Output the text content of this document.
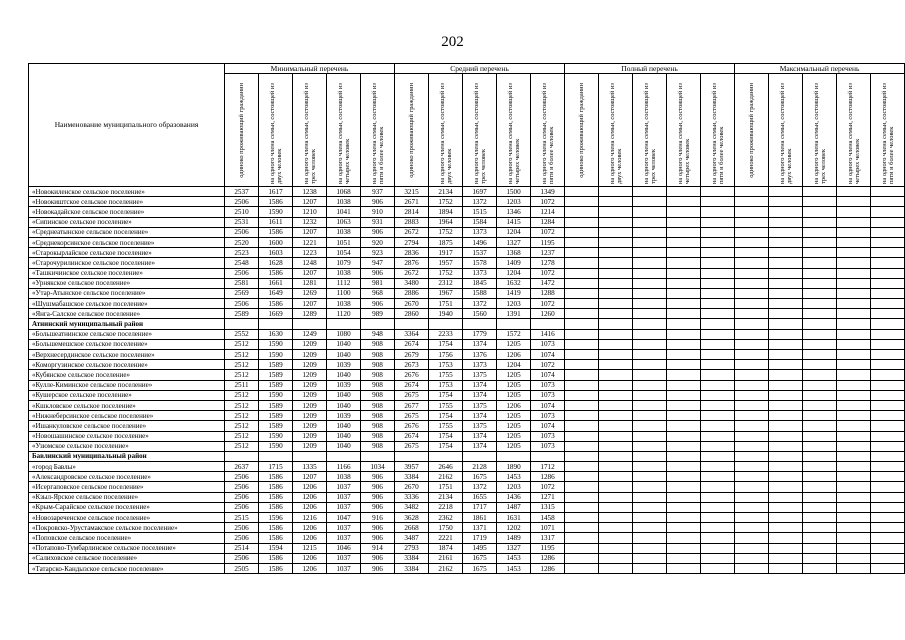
202
Наименование муниципального образования	Минимальный перечень					Средний перечень					Полный перечень					Максимальный перечень				

	одиноко проживающий гражданин	на одного члена семьи, состоящей из двух человек	на одного члена семьи, состоящей из трех человек	на одного члена семьи, состоящей из четырех человек	на одного члена семьи, состоящей из пяти и более человек	одиноко проживающий гражданин	на одного члена семьи, состоящей из двух человек	на одного члена семьи, состоящей из трех человек	на одного члена семьи, состоящей из четырех человек	на одного члена семьи, состоящей из пяти и более человек	одиноко проживающий гражданин	на одного члена семьи, состоящей из двух человек	на одного члена семьи, состоящей из трех человек	на одного члена семьи, состоящей из четырех человек	на одного члена семьи, состоящей из пяти и более человек	одиноко проживающий гражданин	на одного члена семьи, состоящей из двух человек	на одного члена семьи, состоящей из трех человек	на одного члена семьи, состоящей из четырех человек	на одного члена семьи, состоящей из пяти и более человек

«Новокиленское сельское поселение»	2537	1617	1238	1068	937	3215	2134	1697	1500	1349										
«Новокиштское сельское поселение»	2506	1586	1207	1038	906	2671	1752	1372	1203	1072										
«Новокадайское сельское поселение»	2510	1590	1210	1041	910	2814	1894	1515	1346	1214										
«Сипинское сельское поселение»	2531	1611	1232	1063	931	2883	1964	1584	1415	1284										
«Среднеатынское сельское поселение»	2506	1586	1207	1038	906	2672	1752	1373	1204	1072										
«Среднекорсинское сельское поселение»	2520	1600	1221	1051	920	2794	1875	1496	1327	1195										
«Старокырлайское сельское поселение»	2523	1603	1223	1054	923	2836	1917	1537	1368	1237										
«Старочурилинское сельское поселение»	2548	1628	1248	1079	947	2876	1957	1578	1409	1278										
«Ташкичинское сельское поселение»	2506	1586	1207	1038	906	2672	1752	1373	1204	1072										
«Урнякское сельское поселение»	2581	1661	1281	1112	981	3480	2312	1845	1632	1472										
«Утар-Атынское сельское поселение»	2569	1649	1269	1100	968	2886	1967	1588	1419	1288										
«Шушмабашское сельское поселение»	2506	1586	1207	1038	906	2670	1751	1372	1203	1072										
«Янга-Салское сельское поселение»	2589	1669	1289	1120	989	2860	1940	1560	1391	1260										
Атнинский муниципальный район																				
«Большеатнинское сельское поселение»	2552	1630	1249	1080	948	3364	2233	1779	1572	1416										
«Большемешское сельское поселение»	2512	1590	1209	1040	908	2674	1754	1374	1205	1073										
«Верхнесердинское сельское поселение»	2512	1590	1209	1040	908	2679	1756	1376	1206	1074										
«Коморгузинское сельское поселение»	2512	1589	1209	1039	908	2673	1753	1373	1204	1072										
«Кубянское сельское поселение»	2512	1589	1209	1040	908	2676	1755	1375	1205	1074										
«Кулле-Киминское сельское поселение»	2511	1589	1209	1039	908	2674	1753	1374	1205	1073										
«Кушерское сельское поселение»	2512	1590	1209	1040	908	2675	1754	1374	1205	1073										
«Кшкловское сельское поселение»	2512	1589	1209	1040	908	2677	1755	1375	1206	1074										
«Нижнеберсинское сельское поселение»	2512	1589	1209	1039	908	2675	1754	1374	1205	1073										
«Ишанкуловское сельское поселение»	2512	1589	1209	1040	908	2676	1755	1375	1205	1074										
«Новошашинское сельское поселение»	2512	1590	1209	1040	908	2674	1754	1374	1205	1073										
«Узюмское сельское поселение»	2512	1590	1209	1040	908	2675	1754	1374	1205	1073										
Бавлинский муниципальный район																				
«город Бавлы»	2637	1715	1335	1166	1034	3957	2646	2128	1890	1712										
«Александровское сельское поселение»	2506	1586	1207	1038	906	3384	2162	1675	1453	1286										
«Исергаповское сельское поселение»	2506	1586	1206	1037	906	2670	1751	1372	1203	1072										
«Кзыл-Ярское сельское поселение»	2506	1586	1206	1037	906	3336	2134	1655	1436	1271										
«Крым-Сарайское сельское поселение»	2506	1586	1206	1037	906	3482	2218	1717	1487	1315										
«Новозареченское сельское поселение»	2515	1596	1216	1047	916	3628	2362	1861	1631	1458										
«Покровско-Урустамакское сельское поселение»	2506	1586	1206	1037	906	2668	1750	1371	1202	1071										
«Поповское сельское поселение»	2506	1586	1206	1037	906	3487	2221	1719	1489	1317										
«Потапово-Тумбарлинское сельское поселение»	2514	1594	1215	1046	914	2793	1874	1495	1327	1195										
«Салиховское сельское поселение»	2506	1586	1206	1037	906	3384	2161	1675	1453	1286										
«Татарско-Кандызское сельское поселение»	2505	1586	1206	1037	906	3384	2162	1675	1453	1286										
